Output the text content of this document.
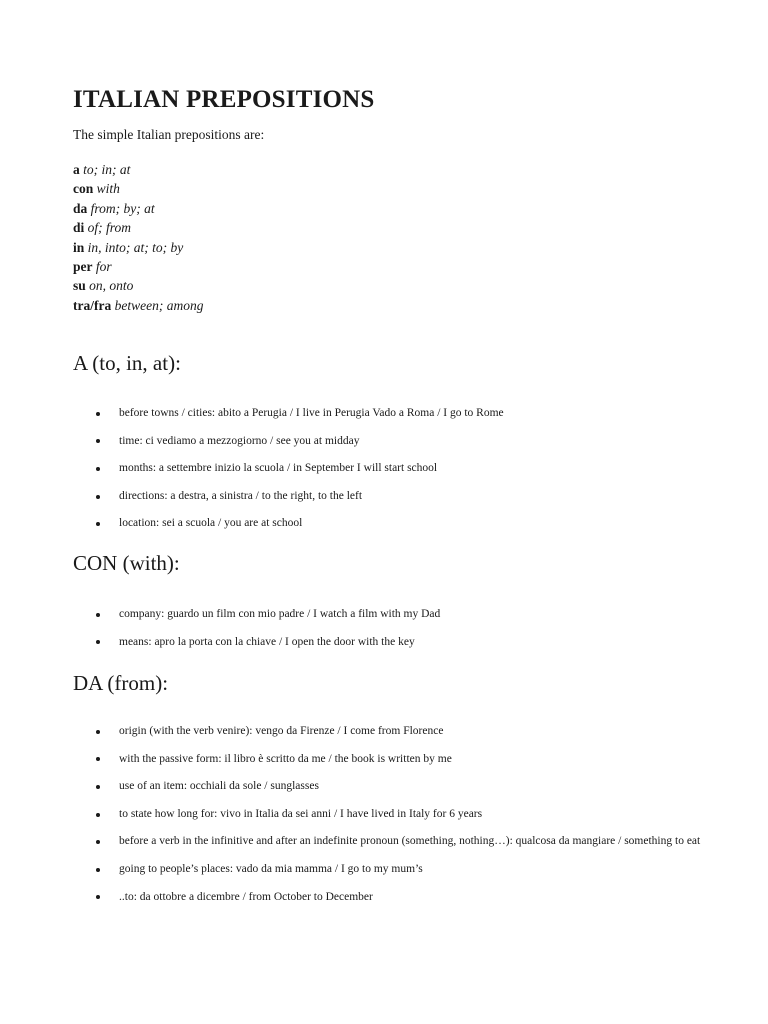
ITALIAN PREPOSITIONS
The simple Italian prepositions are:
a to; in; at
con with
da from; by; at
di of; from
in in, into; at; to; by
per for
su on, onto
tra/fra between; among
A (to, in, at):
before towns / cities: abito a Perugia / I live in Perugia Vado a Roma / I go to Rome
time: ci vediamo a mezzogiorno / see you at midday
months: a settembre inizio la scuola / in September I will start school
directions: a destra, a sinistra / to the right, to the left
location: sei a scuola / you are at school
CON (with):
company: guardo un film con mio padre / I watch a film with my Dad
means: apro la porta con la chiave / I open the door with the key
DA (from):
origin (with the verb venire): vengo da Firenze / I come from Florence
with the passive form: il libro è scritto da me / the book is written by me
use of an item: occhiali da sole / sunglasses
to state how long for: vivo in Italia da sei anni / I have lived in Italy for 6 years
before a verb in the infinitive and after an indefinite pronoun (something, nothing…): qualcosa da mangiare / something to eat
going to people’s places: vado da mia mamma / I go to my mum’s
..to: da ottobre a dicembre / from October to December
